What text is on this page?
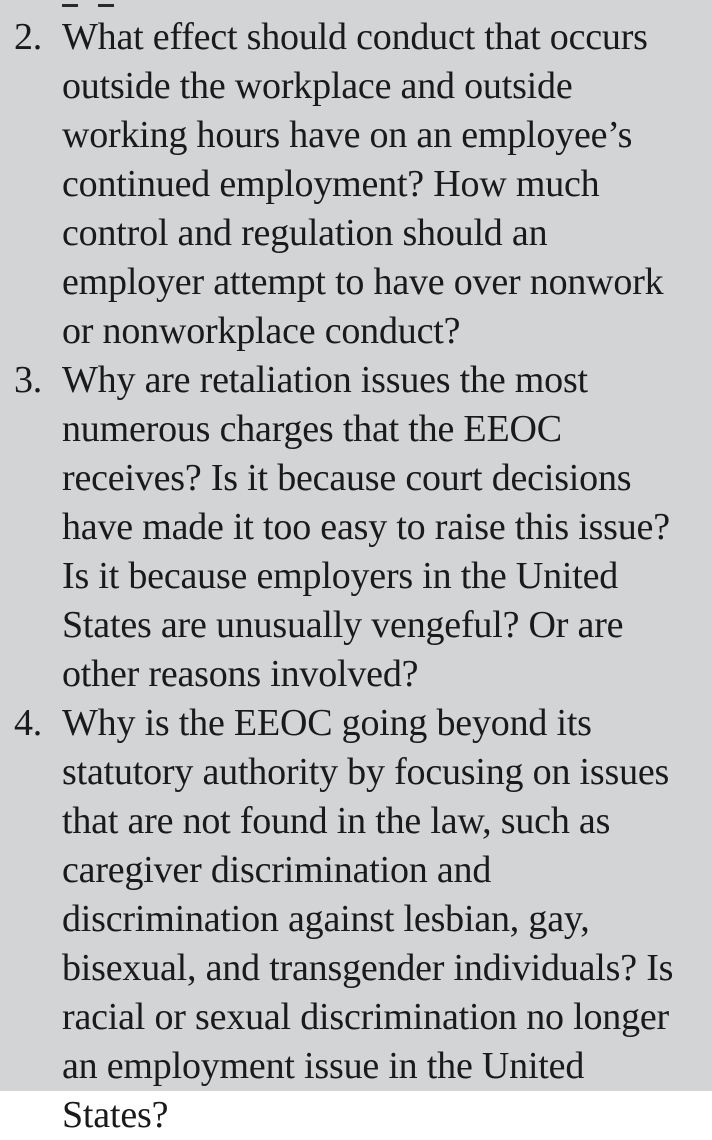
2. What effect should conduct that occurs outside the workplace and outside working hours have on an employee’s continued employment? How much control and regulation should an employer attempt to have over nonwork or nonworkplace conduct?
3. Why are retaliation issues the most numerous charges that the EEOC receives? Is it because court decisions have made it too easy to raise this issue? Is it because employers in the United States are unusually vengeful? Or are other reasons involved?
4. Why is the EEOC going beyond its statutory authority by focusing on issues that are not found in the law, such as caregiver discrimination and discrimination against lesbian, gay, bisexual, and transgender individuals? Is racial or sexual discrimination no longer an employment issue in the United States?
